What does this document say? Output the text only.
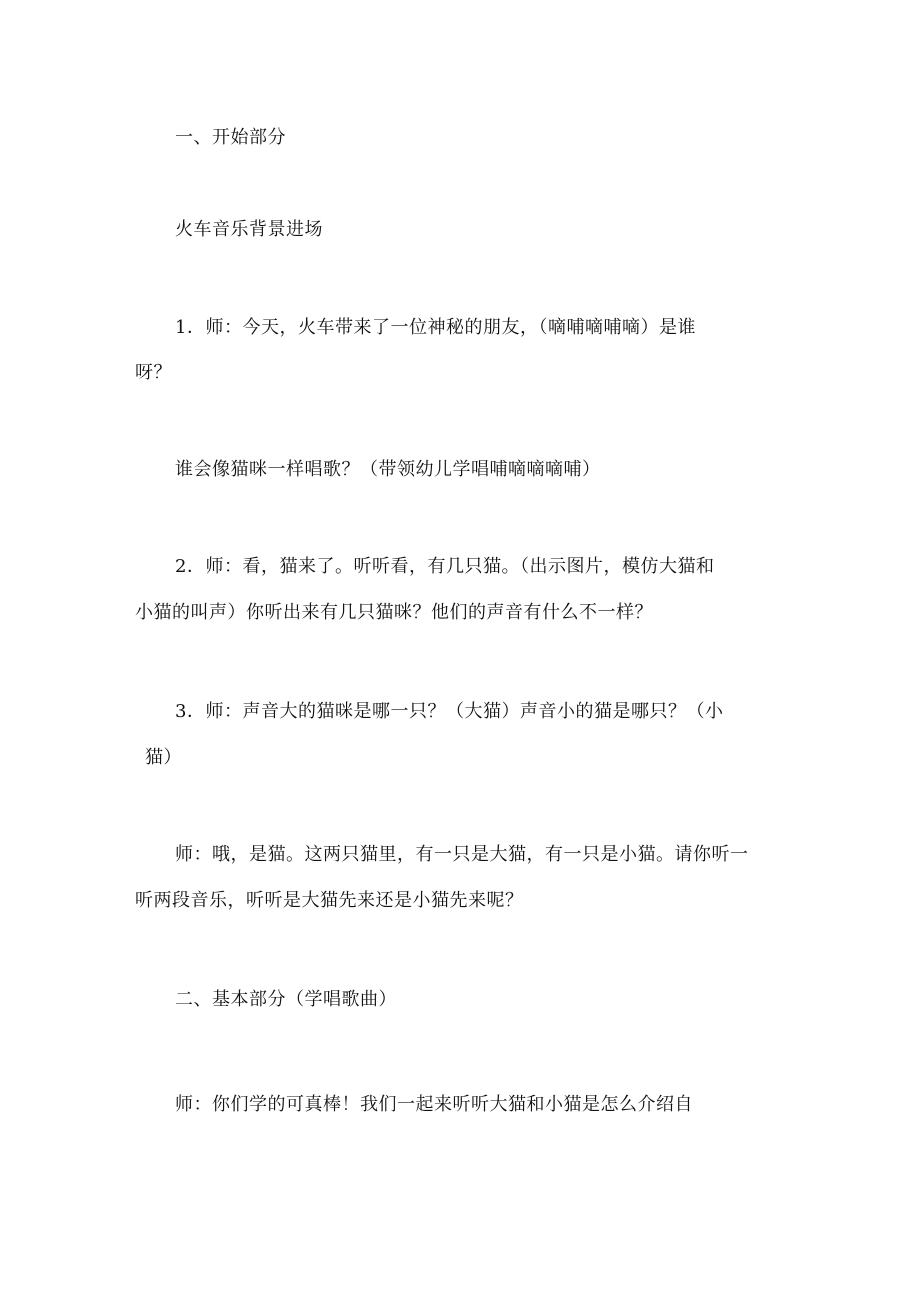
一、开始部分
火车音乐背景进场
1．师：今天，火车带来了一位神秘的朋友，（嘀哺嘀哺嘀）是谁
呀？
谁会像猫咪一样唱歌？（带领幼儿学唱哺嘀嘀嘀哺）
2．师：看，猫来了。听听看，有几只猫。（出示图片，模仿大猫和
小猫的叫声）你听出来有几只猫咪？他们的声音有什么不一样？
3．师：声音大的猫咪是哪一只？（大猫）声音小的猫是哪只？（小
猫）
师：哦，是猫。这两只猫里，有一只是大猫，有一只是小猫。请你听一
听两段音乐，听听是大猫先来还是小猫先来呢？
二、基本部分（学唱歌曲）
师：你们学的可真棒！我们一起来听听大猫和小猫是怎么介绍自
